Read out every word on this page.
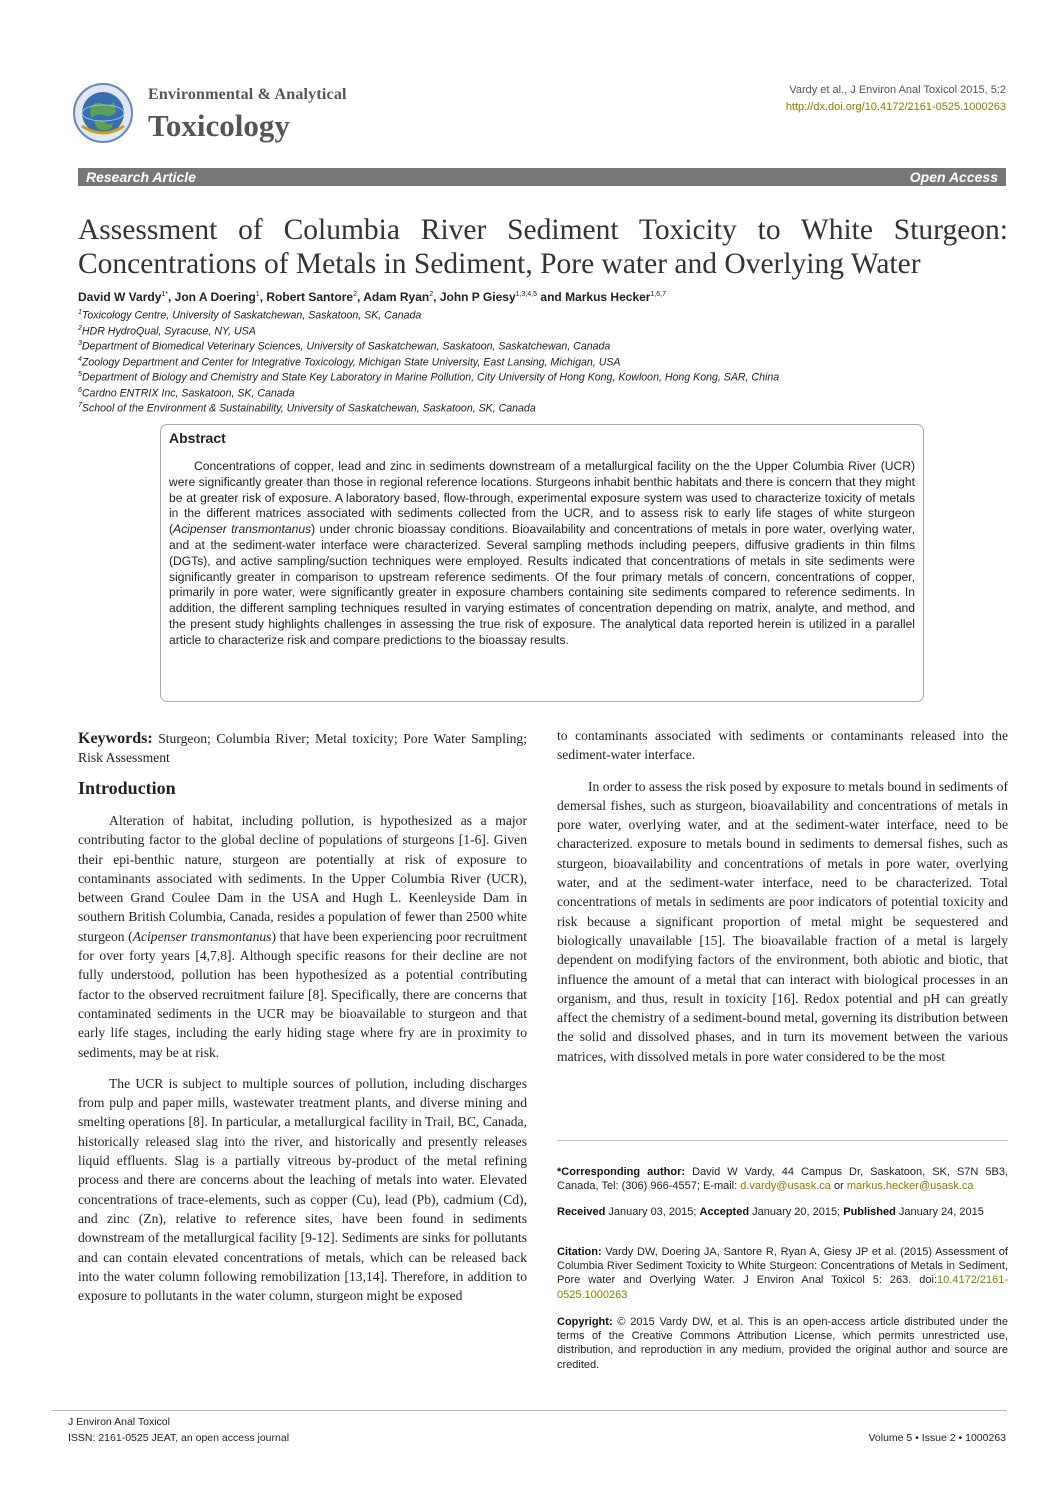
Environmental & Analytical
Toxicology
Vardy et al., J Environ Anal Toxicol 2015, 5:2
http://dx.doi.org/10.4172/2161-0525.1000263
Research Article	Open Access
Assessment of Columbia River Sediment Toxicity to White Sturgeon:
Concentrations of Metals in Sediment, Pore water and Overlying Water
David W Vardy$^{1*}$, Jon A Doering$^1$, Robert Santore$^2$, Adam Ryan$^2$, John P Giesy$^{1,3,4,5}$ and Markus Hecker$^{1,6,7}$
$^1$Toxicology Centre, University of Saskatchewan, Saskatoon, SK, Canada
$^2$HDR HydroQual, Syracuse, NY, USA
$^3$Department of Biomedical Veterinary Sciences, University of Saskatchewan, Saskatoon, Saskatchewan, Canada
$^4$Zoology Department and Center for Integrative Toxicology, Michigan State University, East Lansing, Michigan, USA
$^5$Department of Biology and Chemistry and State Key Laboratory in Marine Pollution, City University of Hong Kong, Kowloon, Hong Kong, SAR, China
$^6$Cardno ENTRIX Inc, Saskatoon, SK, Canada
$^7$School of the Environment & Sustainability, University of Saskatchewan, Saskatoon, SK, Canada
Abstract
Concentrations of copper, lead and zinc in sediments downstream of a metallurgical facility on the the Upper Columbia River (UCR) were significantly greater than those in regional reference locations. Sturgeons inhabit benthic habitats and there is concern that they might be at greater risk of exposure. A laboratory based, flow-through, experimental exposure system was used to characterize toxicity of metals in the different matrices associated with sediments collected from the UCR, and to assess risk to early life stages of white sturgeon (Acipenser transmontanus) under chronic bioassay conditions. Bioavailability and concentrations of metals in pore water, overlying water, and at the sediment-water interface were characterized. Several sampling methods including peepers, diffusive gradients in thin films (DGTs), and active sampling/suction techniques were employed. Results indicated that concentrations of metals in site sediments were significantly greater in comparison to upstream reference sediments. Of the four primary metals of concern, concentrations of copper, primarily in pore water, were significantly greater in exposure chambers containing site sediments compared to reference sediments. In addition, the different sampling techniques resulted in varying estimates of concentration depending on matrix, analyte, and method, and the present study highlights challenges in assessing the true risk of exposure. The analytical data reported herein is utilized in a parallel article to characterize risk and compare predictions to the bioassay results.
Keywords: Sturgeon; Columbia River; Metal toxicity; Pore Water Sampling; Risk Assessment
Introduction

Alteration of habitat, including pollution, is hypothesized as a major contributing factor to the global decline of populations of sturgeons [1-6]. Given their epi-benthic nature, sturgeon are potentially at risk of exposure to contaminants associated with sediments. In the Upper Columbia River (UCR), between Grand Coulee Dam in the USA and Hugh L. Keenleyside Dam in southern British Columbia, Canada, resides a population of fewer than 2500 white sturgeon (Acipenser transmontanus) that have been experiencing poor recruitment for over forty years [4,7,8]. Although specific reasons for their decline are not fully understood, pollution has been hypothesized as a potential contributing factor to the observed recruitment failure [8]. Specifically, there are concerns that contaminated sediments in the UCR may be bioavailable to sturgeon and that early life stages, including the early hiding stage where fry are in proximity to sediments, may be at risk.

The UCR is subject to multiple sources of pollution, including discharges from pulp and paper mills, wastewater treatment plants, and diverse mining and smelting operations [8]. In particular, a metallurgical facility in Trail, BC, Canada, historically released slag into the river, and historically and presently releases liquid effluents. Slag is a partially vitreous by-product of the metal refining process and there are concerns about the leaching of metals into water. Elevated concentrations of trace-elements, such as copper (Cu), lead (Pb), cadmium (Cd), and zinc (Zn), relative to reference sites, have been found in sediments downstream of the metallurgical facility [9-12]. Sediments are sinks for pollutants and can contain elevated concentrations of metals, which can be released back into the water column following remobilization [13,14]. Therefore, in addition to exposure to pollutants in the water column, sturgeon might be exposed

to contaminants associated with sediments or contaminants released into the sediment-water interface.

In order to assess the risk posed by exposure to metals bound in sediments of demersal fishes, such as sturgeon, bioavailability and concentrations of metals in pore water, overlying water, and at the sediment-water interface, need to be characterized. exposure to metals bound in sediments to demersal fishes, such as sturgeon, bioavailability and concentrations of metals in pore water, overlying water, and at the sediment-water interface, need to be characterized. Total concentrations of metals in sediments are poor indicators of potential toxicity and risk because a significant proportion of metal might be sequestered and biologically unavailable [15]. The bioavailable fraction of a metal is largely dependent on modifying factors of the environment, both abiotic and biotic, that influence the amount of a metal that can interact with biological processes in an organism, and thus, result in toxicity [16]. Redox potential and pH can greatly affect the chemistry of a sediment-bound metal, governing its distribution between the solid and dissolved phases, and in turn its movement between the various matrices, with dissolved metals in pore water considered to be the most

*Corresponding author: David W Vardy, 44 Campus Dr, Saskatoon, SK, S7N 5B3, Canada, Tel: (306) 966-4557; E-mail: d.vardy@usask.ca or markus.hecker@usask.ca
Received January 03, 2015; Accepted January 20, 2015; Published January 24, 2015
Citation: Vardy DW, Doering JA, Santore R, Ryan A, Giesy JP et al. (2015) Assessment of Columbia River Sediment Toxicity to White Sturgeon: Concentrations of Metals in Sediment, Pore water and Overlying Water. J Environ Anal Toxicol 5: 263. doi:10.4172/2161-0525.1000263
Copyright: © 2015 Vardy DW, et al. This is an open-access article distributed under the terms of the Creative Commons Attribution License, which permits unrestricted use, distribution, and reproduction in any medium, provided the original author and source are credited.
J Environ Anal Toxicol
ISSN: 2161-0525 JEAT, an open access journal	Volume 5 • Issue 2 • 1000263
